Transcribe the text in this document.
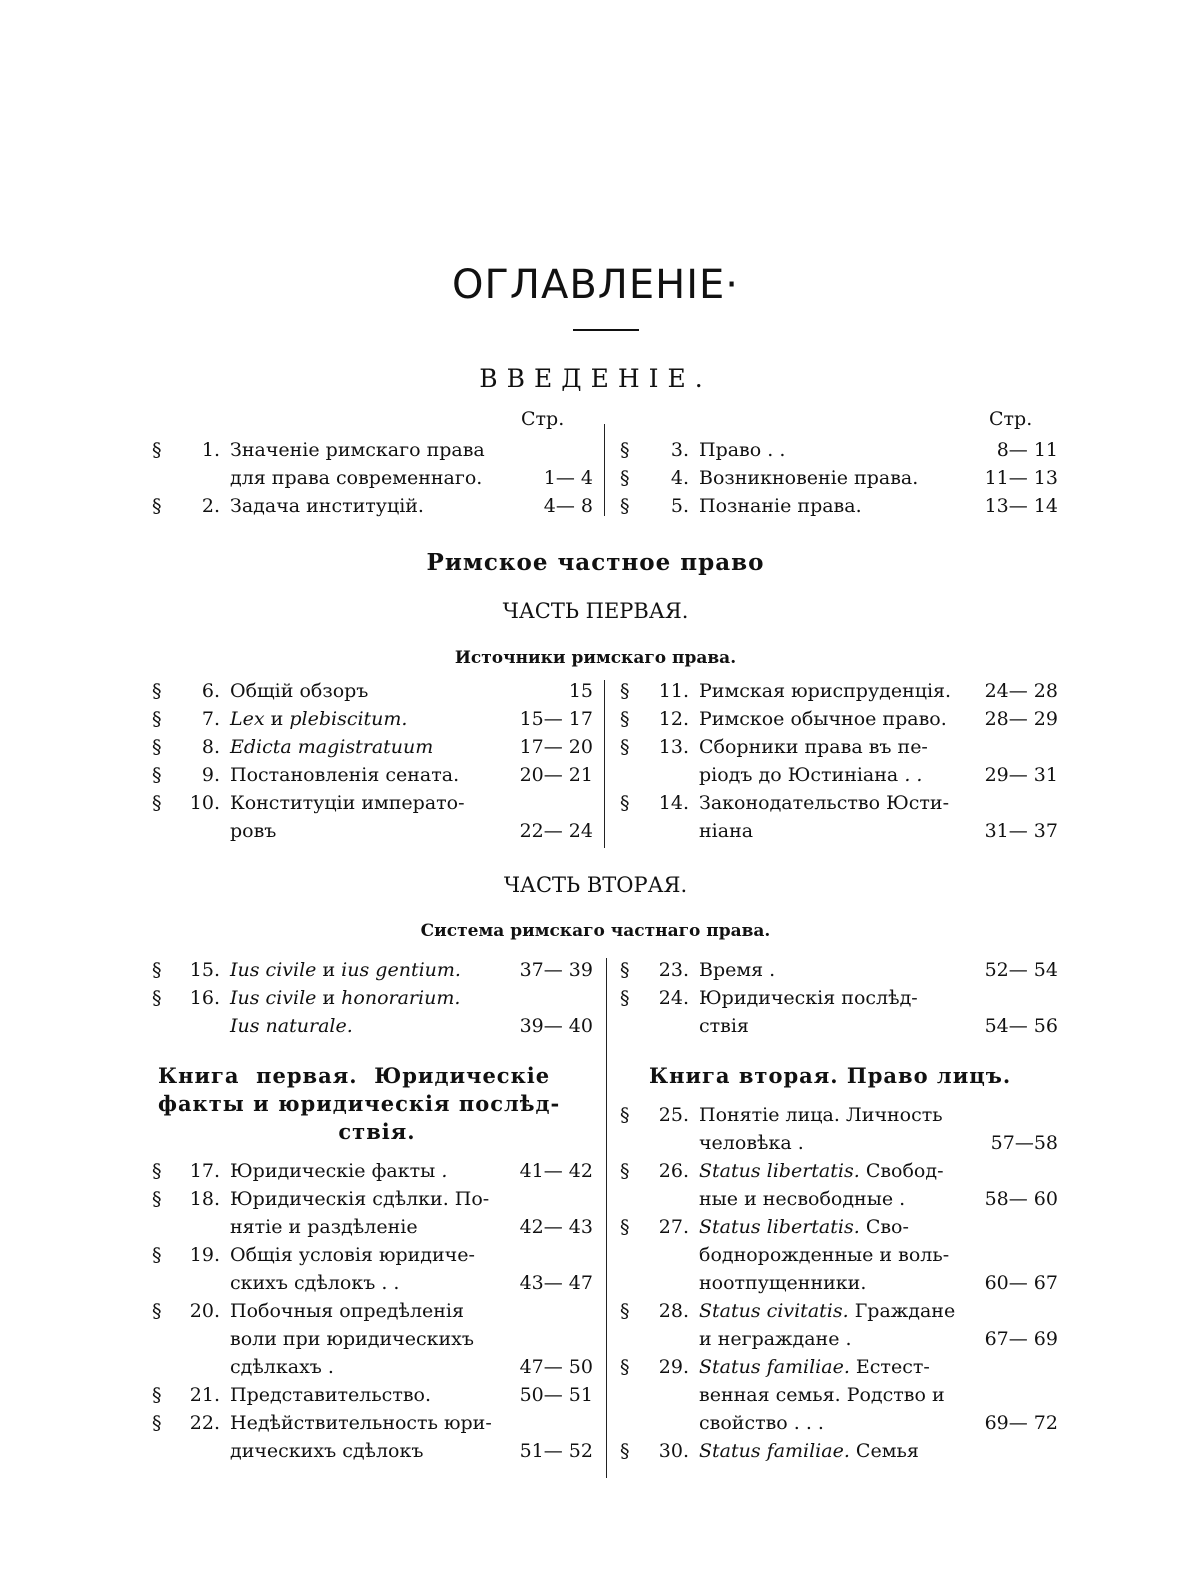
ОГЛАВЛЕНIЕ·
ВВЕДЕНIЕ.
Стр.	Стр.
Римское частное право
ЧАСТЬ ПЕРВАЯ.
Источники римскаго права.
ЧАСТЬ ВТОРАЯ.
Система римскаго частнаго права.
§	1. Значенiе римскаго права
для права современнаго.	1— 4
§	2. Задача институцiй.	4— 8
§	3. Право . .	8— 11
§	4. Возникновенiе права.	11— 13
§	5. Познанiе права.	13— 14
§	6. Общiй обзоръ	15
§	7. Lex и plebiscitum.	15— 17
§	8. Edicta magistratuum	17— 20
§	9. Постановленiя сената.	20— 21
§	10. Конституцiи императо-
ровъ	22— 24
§	11. Римская юриспруденцiя.	24— 28
§	12. Римское обычное право.	28— 29
§	13. Сборники права въ пе-
рiодъ до Юстинiана . .	29— 31
§	14. Законодательство Юсти-
нiана	31— 37
§	15. Ius civile и ius gentium.	37— 39
§	16. Ius civile и honorarium.
Ius naturale.	39— 40
§	23. Время .	52— 54
§	24. Юридическiя послѣд-
ствiя	54— 56
Книга  первая.  Юридическiе
факты и юридическiя послѣд-
ствiя.
Книга вторая. Право лицъ.
§	17. Юридическiе факты .	41— 42
§	18. Юридическiя сдѣлки. По-
нятiе и раздѣленiе	42— 43
§	19. Общiя условiя юридиче-
скихъ сдѣлокъ . .	43— 47
§	20. Побочныя опредѣленiя
воли при юридическихъ
сдѣлкахъ .	47— 50
§	21. Представительство.	50— 51
§	22. Недѣйствительность юри-
дическихъ сдѣлокъ	51— 52
§	25. Понятiе лица. Личность
человѣка .	57—58
§	26. Status libertatis. Свобод-
ные и несвободные .	58— 60
§	27. Status libertatis. Сво-
боднорожденные и воль-
ноотпущенники.	60— 67
§	28. Status civitatis. Граждане
и неграждане .	67— 69
§	29. Status familiae. Естест-
венная семья. Родство и
свойство . . .	69— 72
§	30. Status familiae. Семья
